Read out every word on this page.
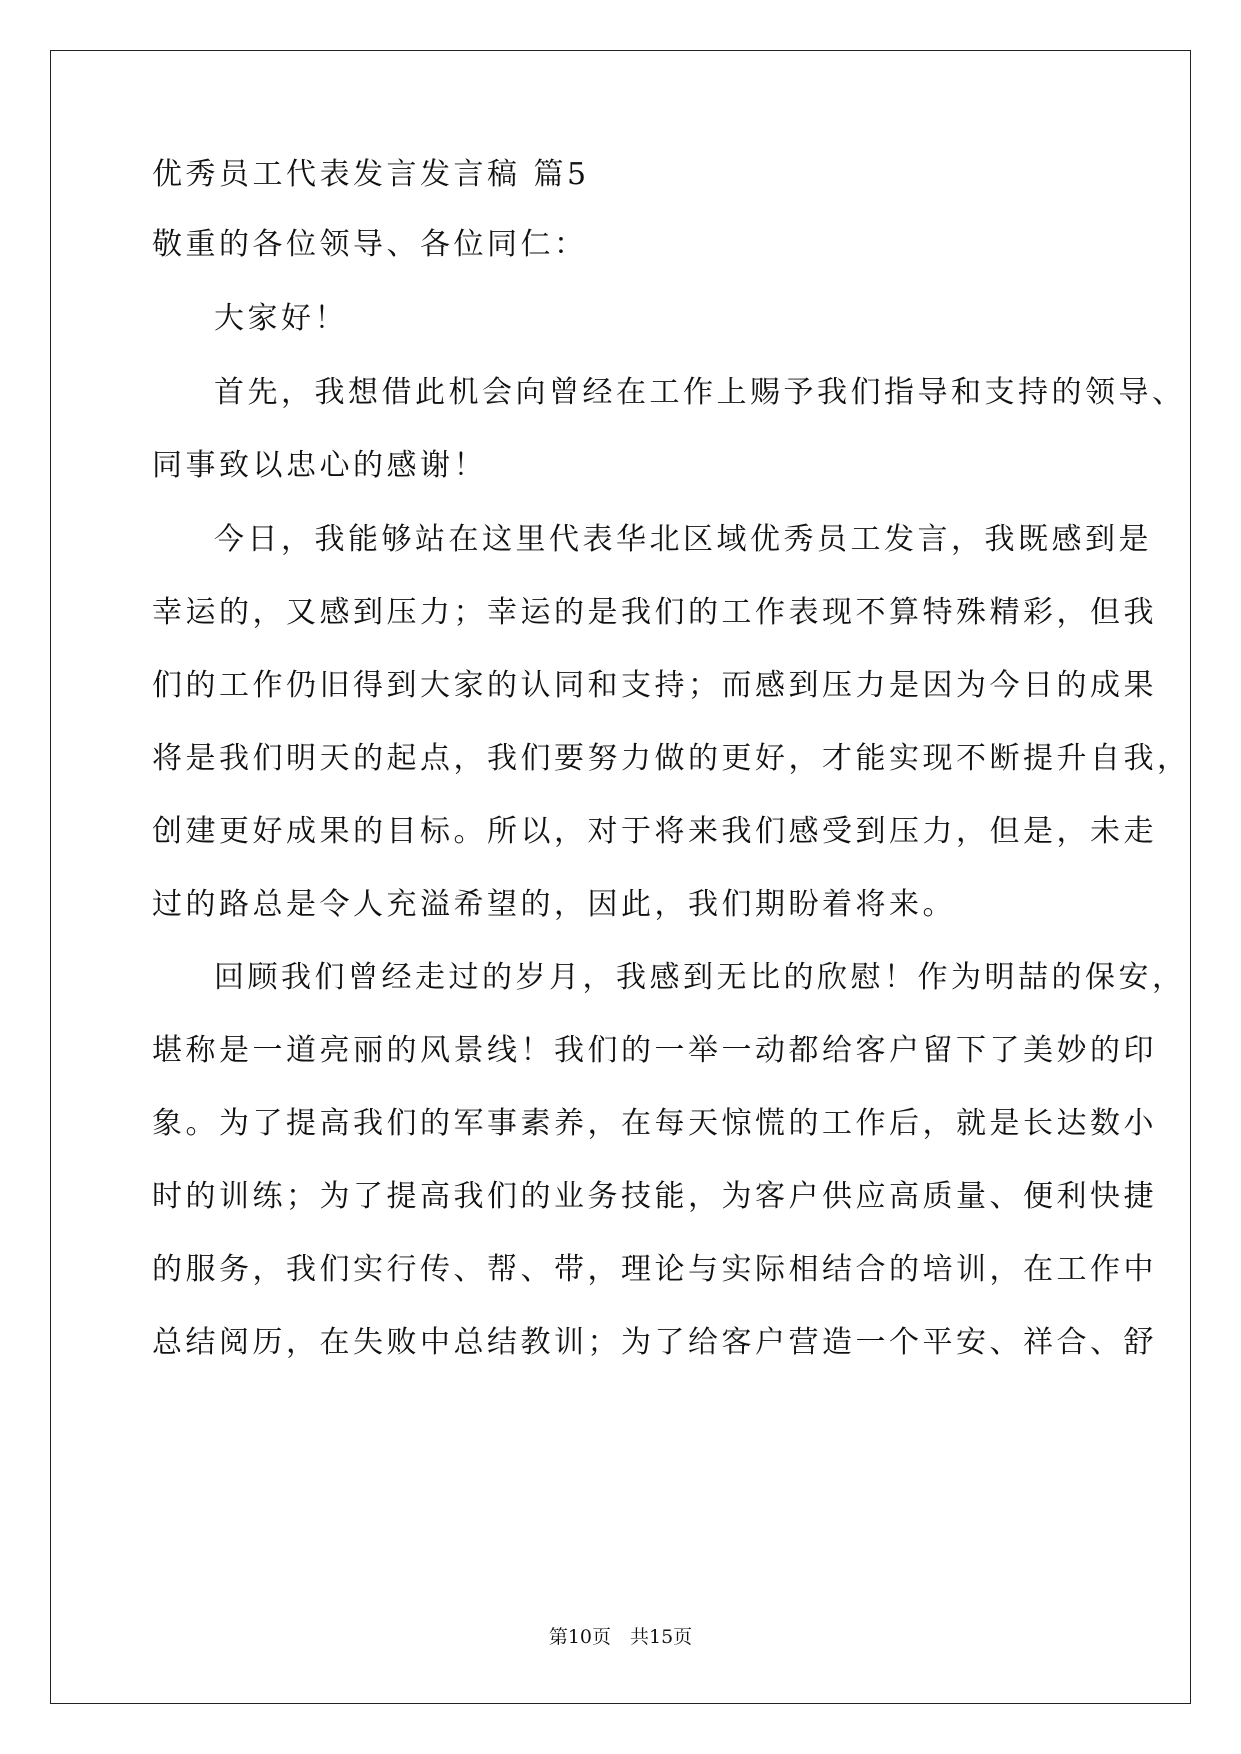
优秀员工代表发言发言稿 篇5
敬重的各位领导、各位同仁：
大家好！
首先，我想借此机会向曾经在工作上赐予我们指导和支持的领导、
同事致以忠心的感谢！
今日，我能够站在这里代表华北区域优秀员工发言，我既感到是
幸运的，又感到压力；幸运的是我们的工作表现不算特殊精彩，但我
们的工作仍旧得到大家的认同和支持；而感到压力是因为今日的成果
将是我们明天的起点，我们要努力做的更好，才能实现不断提升自我，
创建更好成果的目标。所以，对于将来我们感受到压力，但是，未走
过的路总是令人充溢希望的，因此，我们期盼着将来。
回顾我们曾经走过的岁月，我感到无比的欣慰！作为明喆的保安，
堪称是一道亮丽的风景线！我们的一举一动都给客户留下了美妙的印
象。为了提高我们的军事素养，在每天惊慌的工作后，就是长达数小
时的训练；为了提高我们的业务技能，为客户供应高质量、便利快捷
的服务，我们实行传、帮、带，理论与实际相结合的培训，在工作中
总结阅历，在失败中总结教训；为了给客户营造一个平安、祥合、舒
第10页　共15页
